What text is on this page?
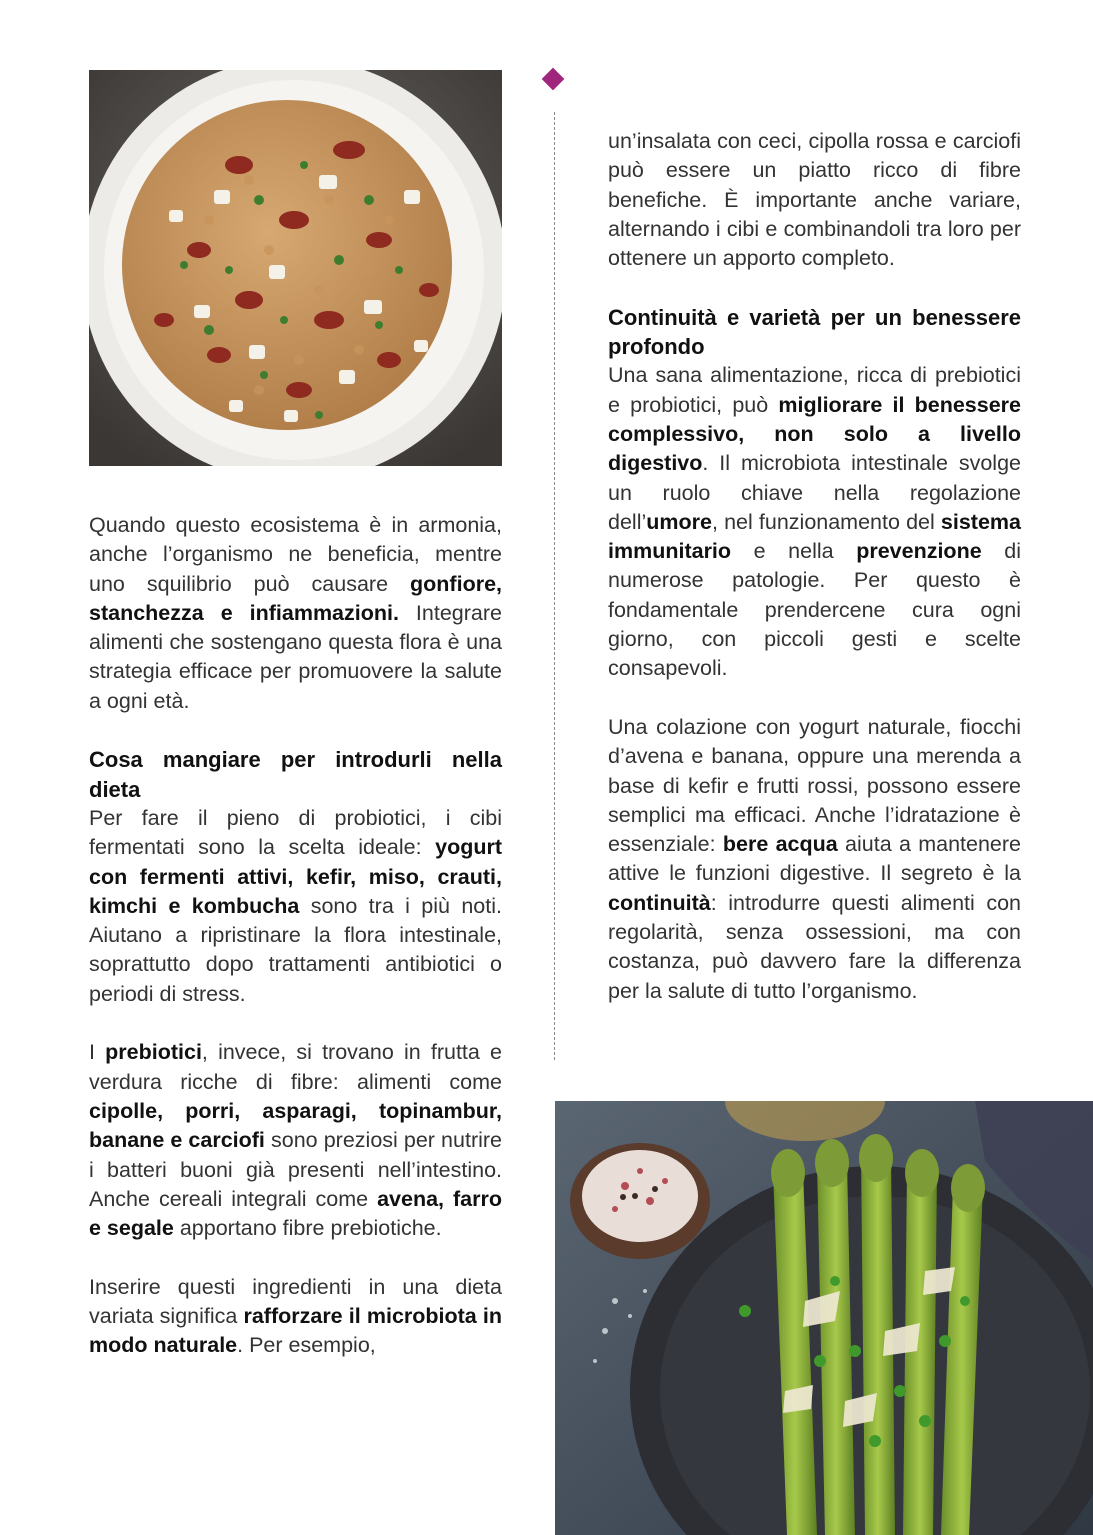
Quando questo ecosistema è in armonia, anche l’organismo ne beneficia, mentre uno squilibrio può causare gonfiore, stanchezza e infiammazioni. Integrare alimenti che sostengano questa flora è una strategia efficace per promuovere la salute a ogni età.

Cosa mangiare per introdurli nella dieta

Per fare il pieno di probiotici, i cibi fermentati sono la scelta ideale: yogurt con fermenti attivi, kefir, miso, crauti, kimchi e kombucha sono tra i più noti. Aiutano a ripristinare la flora intestinale, soprattutto dopo trattamenti antibiotici o periodi di stress.

I prebiotici, invece, si trovano in frutta e verdura ricche di fibre: alimenti come cipolle, porri, asparagi, topinambur, banane e carciofi sono preziosi per nutrire i batteri buoni già presenti nell’intestino. Anche cereali integrali come avena, farro e segale apportano fibre prebiotiche.

Inserire questi ingredienti in una dieta variata significa rafforzare il microbiota in modo naturale. Per esempio,

un’insalata con ceci, cipolla rossa e carciofi può essere un piatto ricco di fibre benefiche. È importante anche variare, alternando i cibi e combinandoli tra loro per ottenere un apporto completo.

Continuità e varietà per un benessere profondo

Una sana alimentazione, ricca di prebiotici e probiotici, può migliorare il benessere complessivo, non solo a livello digestivo. Il microbiota intestinale svolge un ruolo chiave nella regolazione dell’umore, nel funzionamento del sistema immunitario e nella prevenzione di numerose patologie. Per questo è fondamentale prendercene cura ogni giorno, con piccoli gesti e scelte consapevoli.

Una colazione con yogurt naturale, fiocchi d’avena e banana, oppure una merenda a base di kefir e frutti rossi, possono essere semplici ma efficaci. Anche l’idratazione è essenziale: bere acqua aiuta a mantenere attive le funzioni digestive. Il segreto è la continuità: introdurre questi alimenti con regolarità, senza ossessioni, ma con costanza, può davvero fare la differenza per la salute di tutto l’organismo.
